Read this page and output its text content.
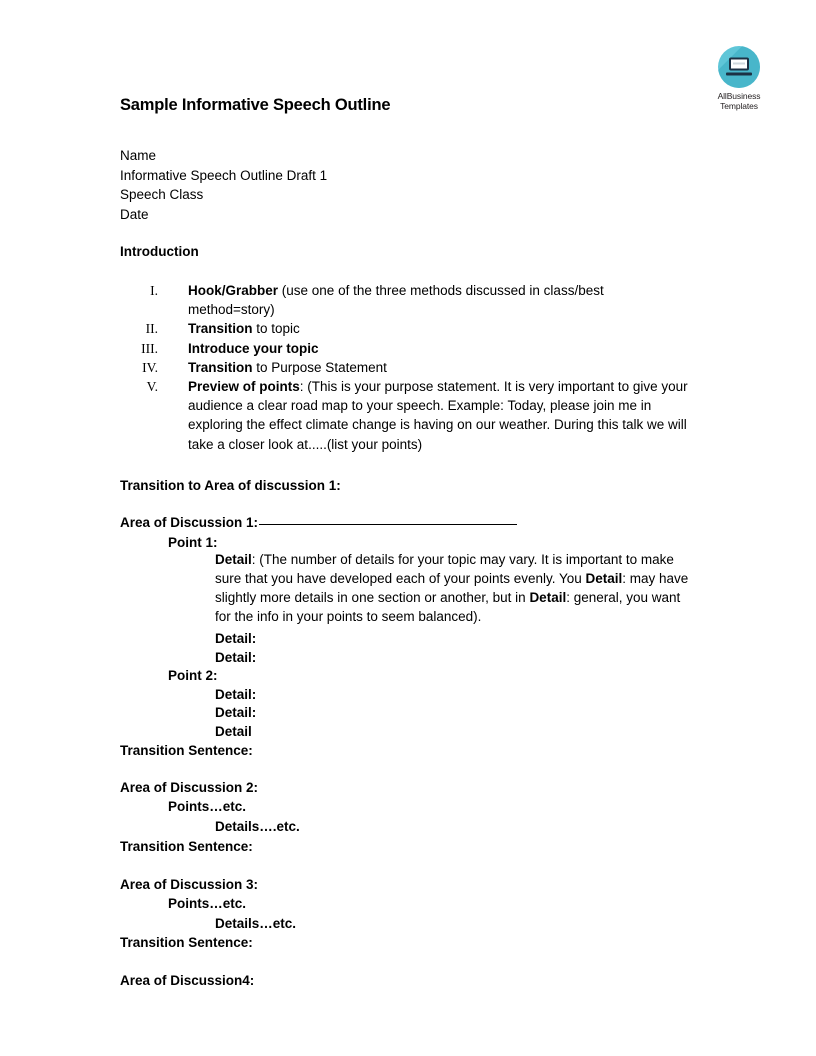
AllBusiness
Templates
Sample Informative Speech Outline
Name
Informative Speech Outline Draft 1
Speech Class
Date
Introduction
I.	Hook/Grabber (use one of the three methods discussed in class/best method=story)
II.	Transition to topic
III.	Introduce your topic
IV.	Transition to Purpose Statement
V.	Preview of points: (This is your purpose statement. It is very important to give your audience a clear road map to your speech. Example: Today, please join me in exploring the effect climate change is having on our weather. During this talk we will take a closer look at.....(list your points)
Transition to Area of discussion 1:
Area of Discussion 1:
Point 1:
Detail: (The number of details for your topic may vary. It is important to make sure that you have developed each of your points evenly. You Detail: may have slightly more details in one section or another, but in Detail: general, you want for the info in your points to seem balanced).
Detail:
Detail:
Point 2:
Detail:
Detail:
Detail
Transition Sentence:
Area of Discussion 2:
Points…etc.
Details….etc.
Transition Sentence:
Area of Discussion 3:
Points…etc.
Details…etc.
Transition Sentence:
Area of Discussion4:
